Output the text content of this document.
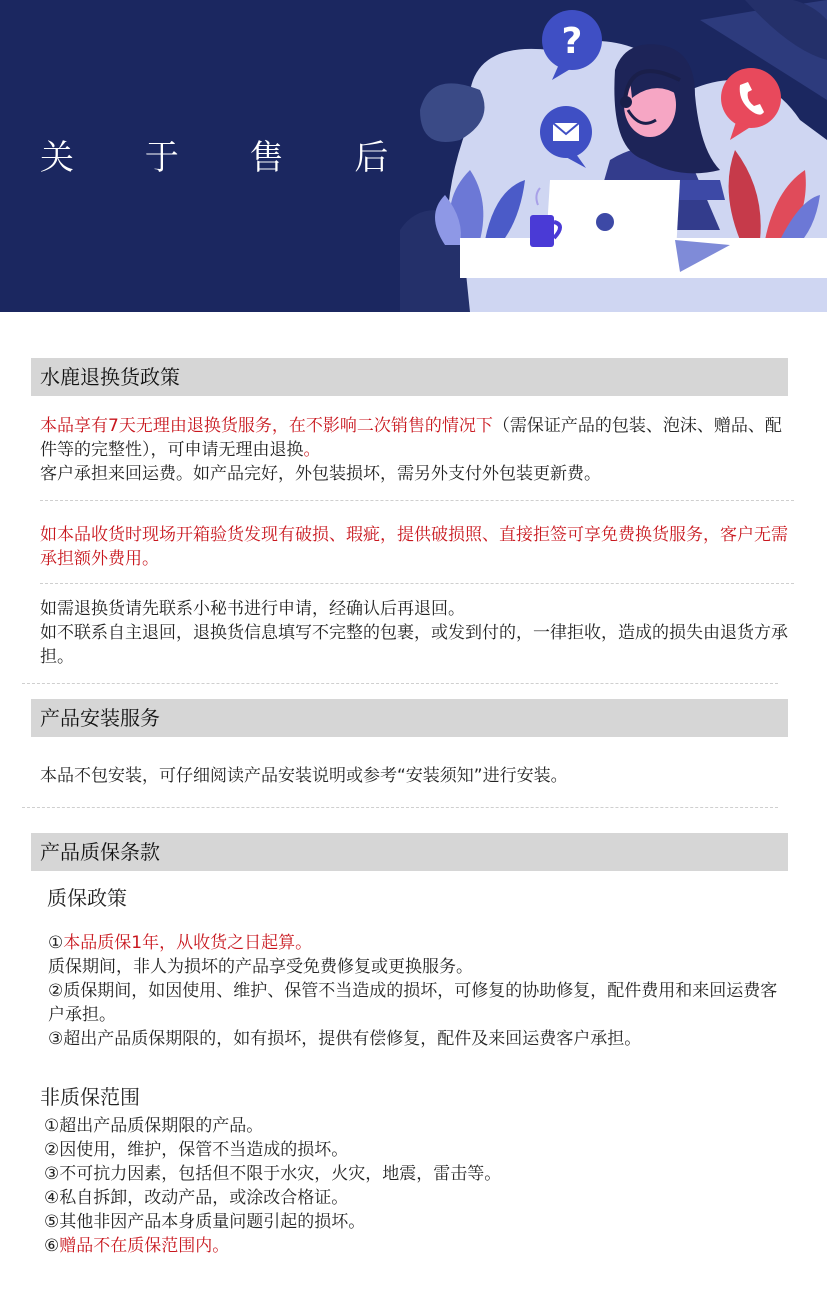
关 于 售 后
?
水鹿退换货政策

本品享有7天无理由退换货服务，在不影响二次销售的情况下（需保证产品的包装、泡沫、赠品、配件等的完整性），可申请无理由退换。

客户承担来回运费。如产品完好，外包装损坏，需另外支付外包装更新费。

如本品收货时现场开箱验货发现有破损、瑕疵，提供破损照、直接拒签可享免费换货服务，客户无需承担额外费用。

如需退换货请先联系小秘书进行申请，经确认后再退回。

如不联系自主退回，退换货信息填写不完整的包裹，或发到付的，一律拒收，造成的损失由退货方承担。

产品安装服务
本品不包安装，可仔细阅读产品安装说明或参考“安装须知”进行安装。
产品质保条款
质保政策

①本品质保1年，从收货之日起算。

质保期间，非人为损坏的产品享受免费修复或更换服务。

②质保期间，如因使用、维护、保管不当造成的损坏，可修复的协助修复，配件费用和来回运费客户承担。

③超出产品质保期限的，如有损坏，提供有偿修复，配件及来回运费客户承担。

非质保范围

①超出产品质保期限的产品。

②因使用，维护，保管不当造成的损坏。

③不可抗力因素，包括但不限于水灾，火灾，地震，雷击等。

④私自拆卸，改动产品，或涂改合格证。

⑤其他非因产品本身质量问题引起的损坏。

⑥赠品不在质保范围内。
